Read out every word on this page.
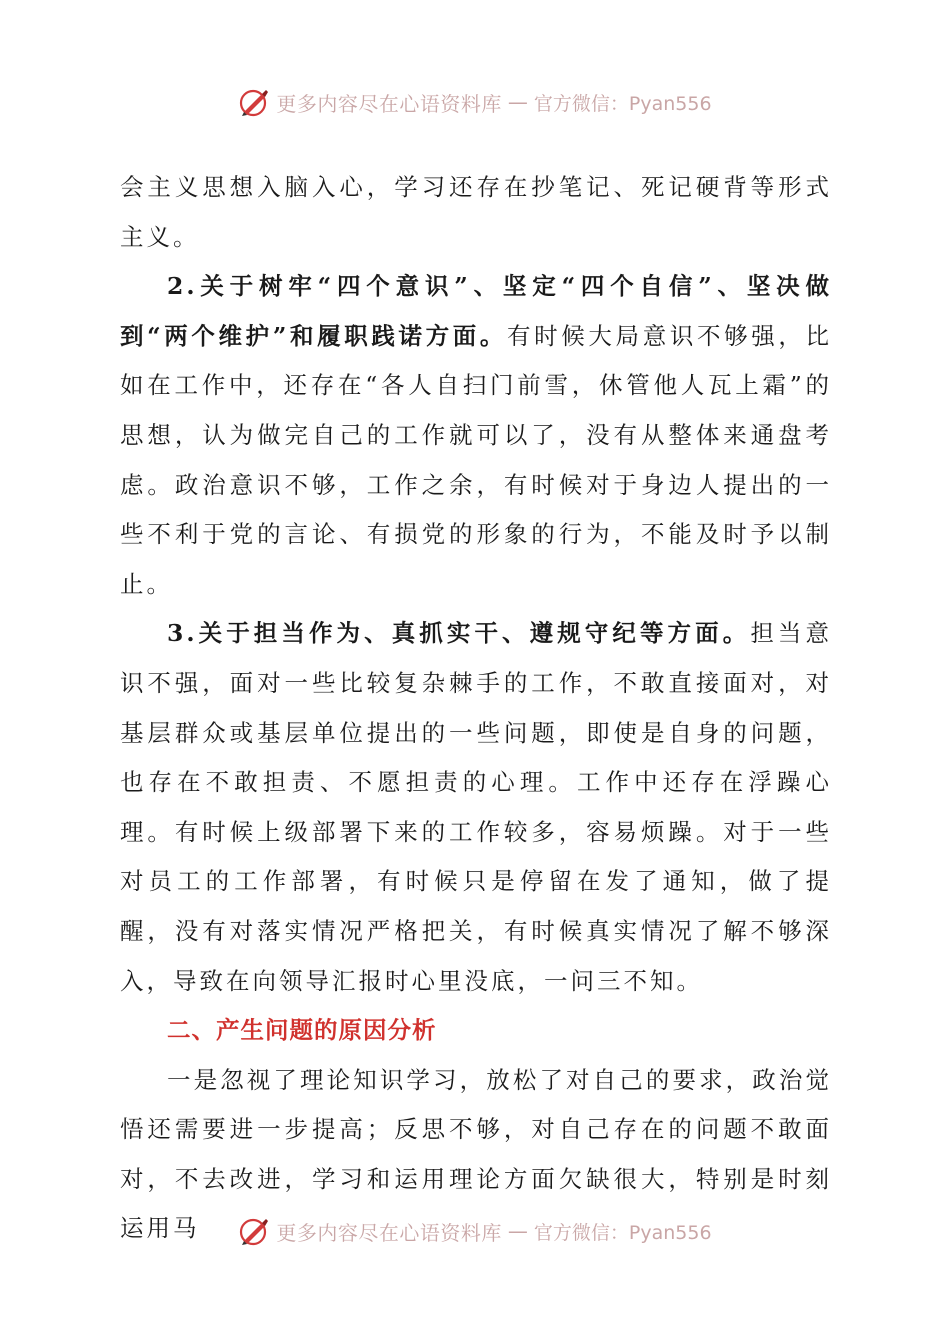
更多内容尽在心语资料库 — 官方微信：Pyan556

会主义思想入脑入心，学习还存在抄笔记、死记硬背等形式主义。

2.关于树牢“四个意识”、坚定“四个自信”、坚决做到“两个维护”和履职践诺方面。有时候大局意识不够强，比如在工作中，还存在“各人自扫门前雪，休管他人瓦上霜”的思想，认为做完自己的工作就可以了，没有从整体来通盘考虑。政治意识不够，工作之余，有时候对于身边人提出的一些不利于党的言论、有损党的形象的行为，不能及时予以制止。

3.关于担当作为、真抓实干、遵规守纪等方面。担当意识不强，面对一些比较复杂棘手的工作，不敢直接面对，对基层群众或基层单位提出的一些问题，即使是自身的问题，也存在不敢担责、不愿担责的心理。工作中还存在浮躁心理。有时候上级部署下来的工作较多，容易烦躁。对于一些对员工的工作部署，有时候只是停留在发了通知，做了提醒，没有对落实情况严格把关，有时候真实情况了解不够深入，导致在向领导汇报时心里没底，一问三不知。

二、产生问题的原因分析

一是忽视了理论知识学习，放松了对自己的要求，政治觉悟还需要进一步提高；反思不够，对自己存在的问题不敢面对，不去改进，学习和运用理论方面欠缺很大，特别是时刻运用马	更多内容尽在心语资料库 — 官方微信：Pyan556
